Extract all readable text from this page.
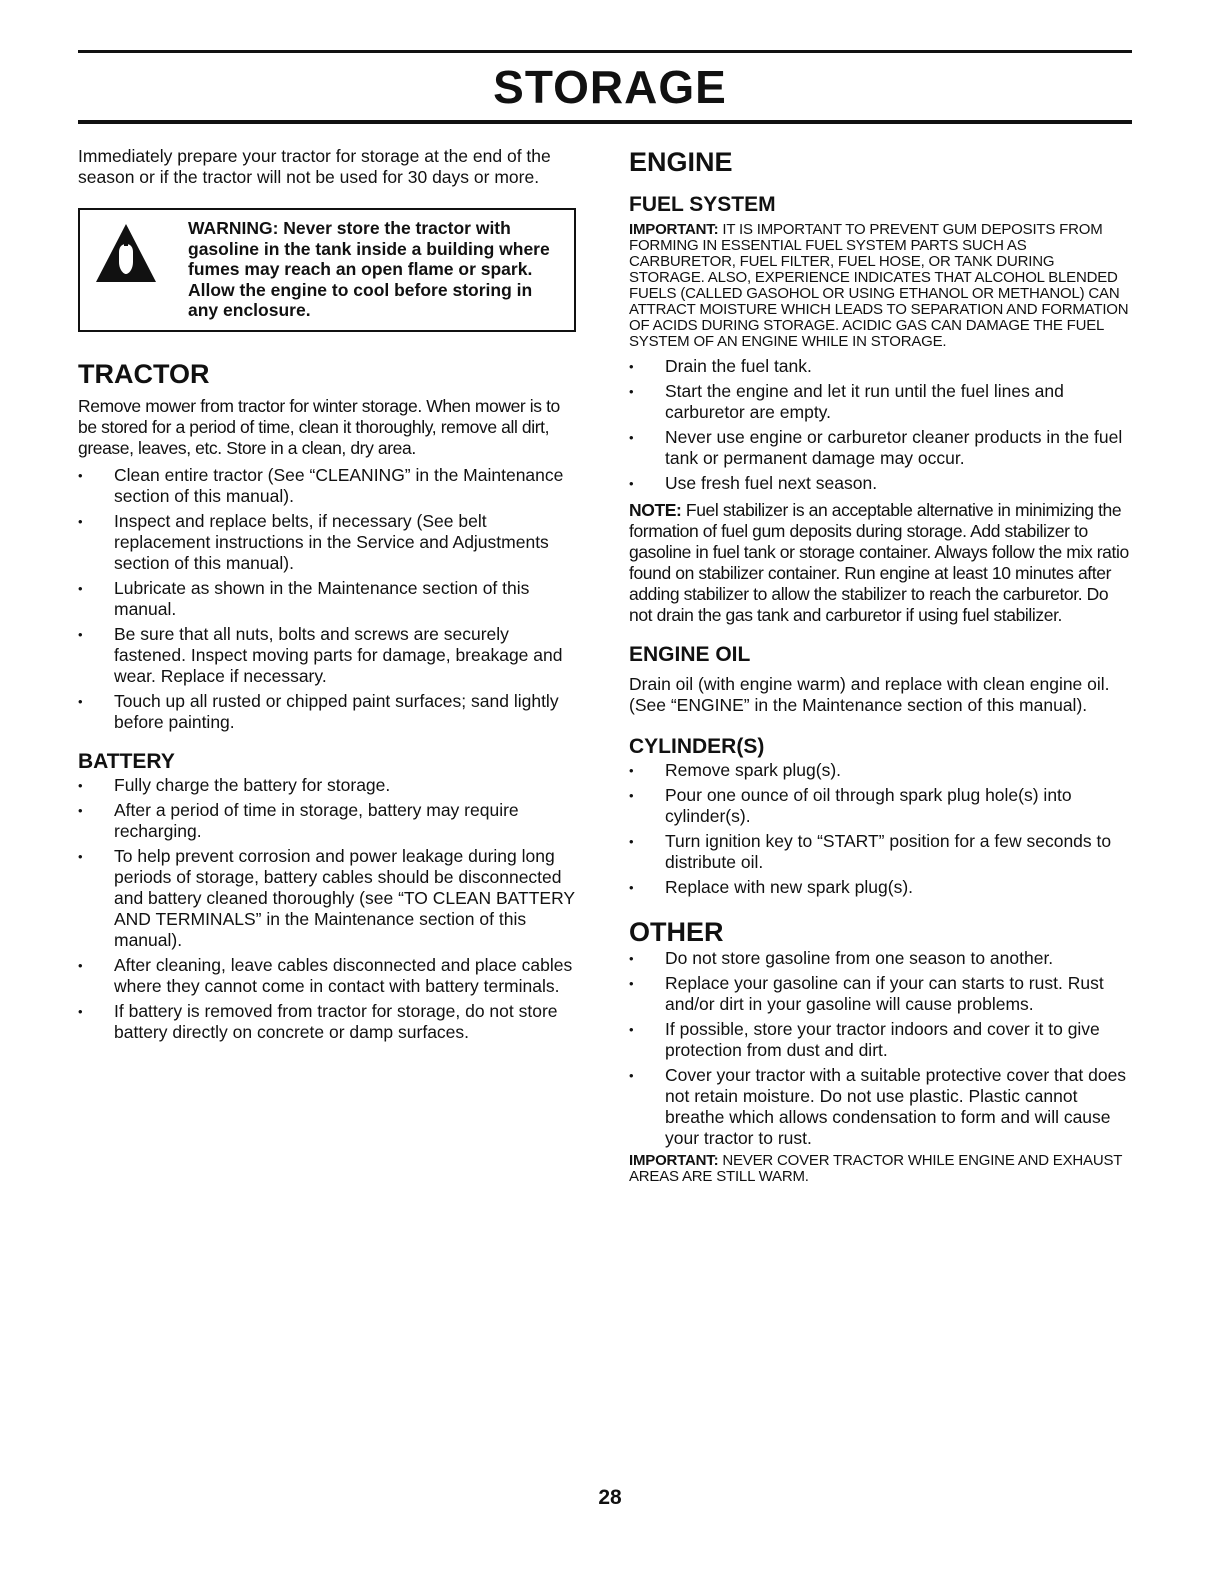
STORAGE

Immediately prepare your tractor for storage at the end of the season or if the tractor will not be used for 30 days or more.

WARNING: Never store the tractor with gasoline in the tank inside a building where fumes may reach an open flame or spark. Allow the engine to cool before storing in any enclosure.
TRACTOR

Remove mower from tractor for winter storage. When mower is to be stored for a period of time, clean it thoroughly, remove all dirt, grease, leaves, etc. Store in a clean, dry area.

• Clean entire tractor (See “CLEANING” in the Maintenance section of this manual).
• Inspect and replace belts, if necessary (See belt replacement instructions in the Service and Adjustments section of this manual).
• Lubricate as shown in the Maintenance section of this manual.
• Be sure that all nuts, bolts and screws are securely fastened. Inspect moving parts for damage, breakage and wear. Replace if necessary.
• Touch up all rusted or chipped paint surfaces; sand lightly before painting.
BATTERY
• Fully charge the battery for storage.
• After a period of time in storage, battery may require recharging.
• To help prevent corrosion and power leakage during long periods of storage, battery cables should be disconnected and battery cleaned thoroughly (see “TO CLEAN BATTERY AND TERMINALS” in the Maintenance section of this manual).
• After cleaning, leave cables disconnected and place cables where they cannot come in contact with battery terminals.
• If battery is removed from tractor for storage, do not store battery directly on concrete or damp surfaces.
ENGINE
FUEL SYSTEM

IMPORTANT: IT IS IMPORTANT TO PREVENT GUM DEPOSITS FROM FORMING IN ESSENTIAL FUEL SYSTEM PARTS SUCH AS CARBURETOR, FUEL FILTER, FUEL HOSE, OR TANK DURING STORAGE. ALSO, EXPERIENCE INDICATES THAT ALCOHOL BLENDED FUELS (CALLED GASOHOL OR USING ETHANOL OR METHANOL) CAN ATTRACT MOISTURE WHICH LEADS TO SEPARATION AND FORMATION OF ACIDS DURING STORAGE. ACIDIC GAS CAN DAMAGE THE FUEL SYSTEM OF AN ENGINE WHILE IN STORAGE.

• Drain the fuel tank.
• Start the engine and let it run until the fuel lines and carburetor are empty.
• Never use engine or carburetor cleaner products in the fuel tank or permanent damage may occur.
• Use fresh fuel next season.

NOTE: Fuel stabilizer is an acceptable alternative in minimizing the formation of fuel gum deposits during storage. Add stabilizer to gasoline in fuel tank or storage container. Always follow the mix ratio found on stabilizer container. Run engine at least 10 minutes after adding stabilizer to allow the stabilizer to reach the carburetor. Do not drain the gas tank and carburetor if using fuel stabilizer.

ENGINE OIL

Drain oil (with engine warm) and replace with clean engine oil. (See “ENGINE” in the Maintenance section of this manual).

CYLINDER(S)
• Remove spark plug(s).
• Pour one ounce of oil through spark plug hole(s) into cylinder(s).
• Turn ignition key to “START” position for a few seconds to distribute oil.
• Replace with new spark plug(s).
OTHER
• Do not store gasoline from one season to another.
• Replace your gasoline can if your can starts to rust. Rust and/or dirt in your gasoline will cause problems.
• If possible, store your tractor indoors and cover it to give protection from dust and dirt.
• Cover your tractor with a suitable protective cover that does not retain moisture. Do not use plastic. Plastic cannot breathe which allows condensation to form and will cause your tractor to rust.

IMPORTANT: NEVER COVER TRACTOR WHILE ENGINE AND EXHAUST AREAS ARE STILL WARM.

28
